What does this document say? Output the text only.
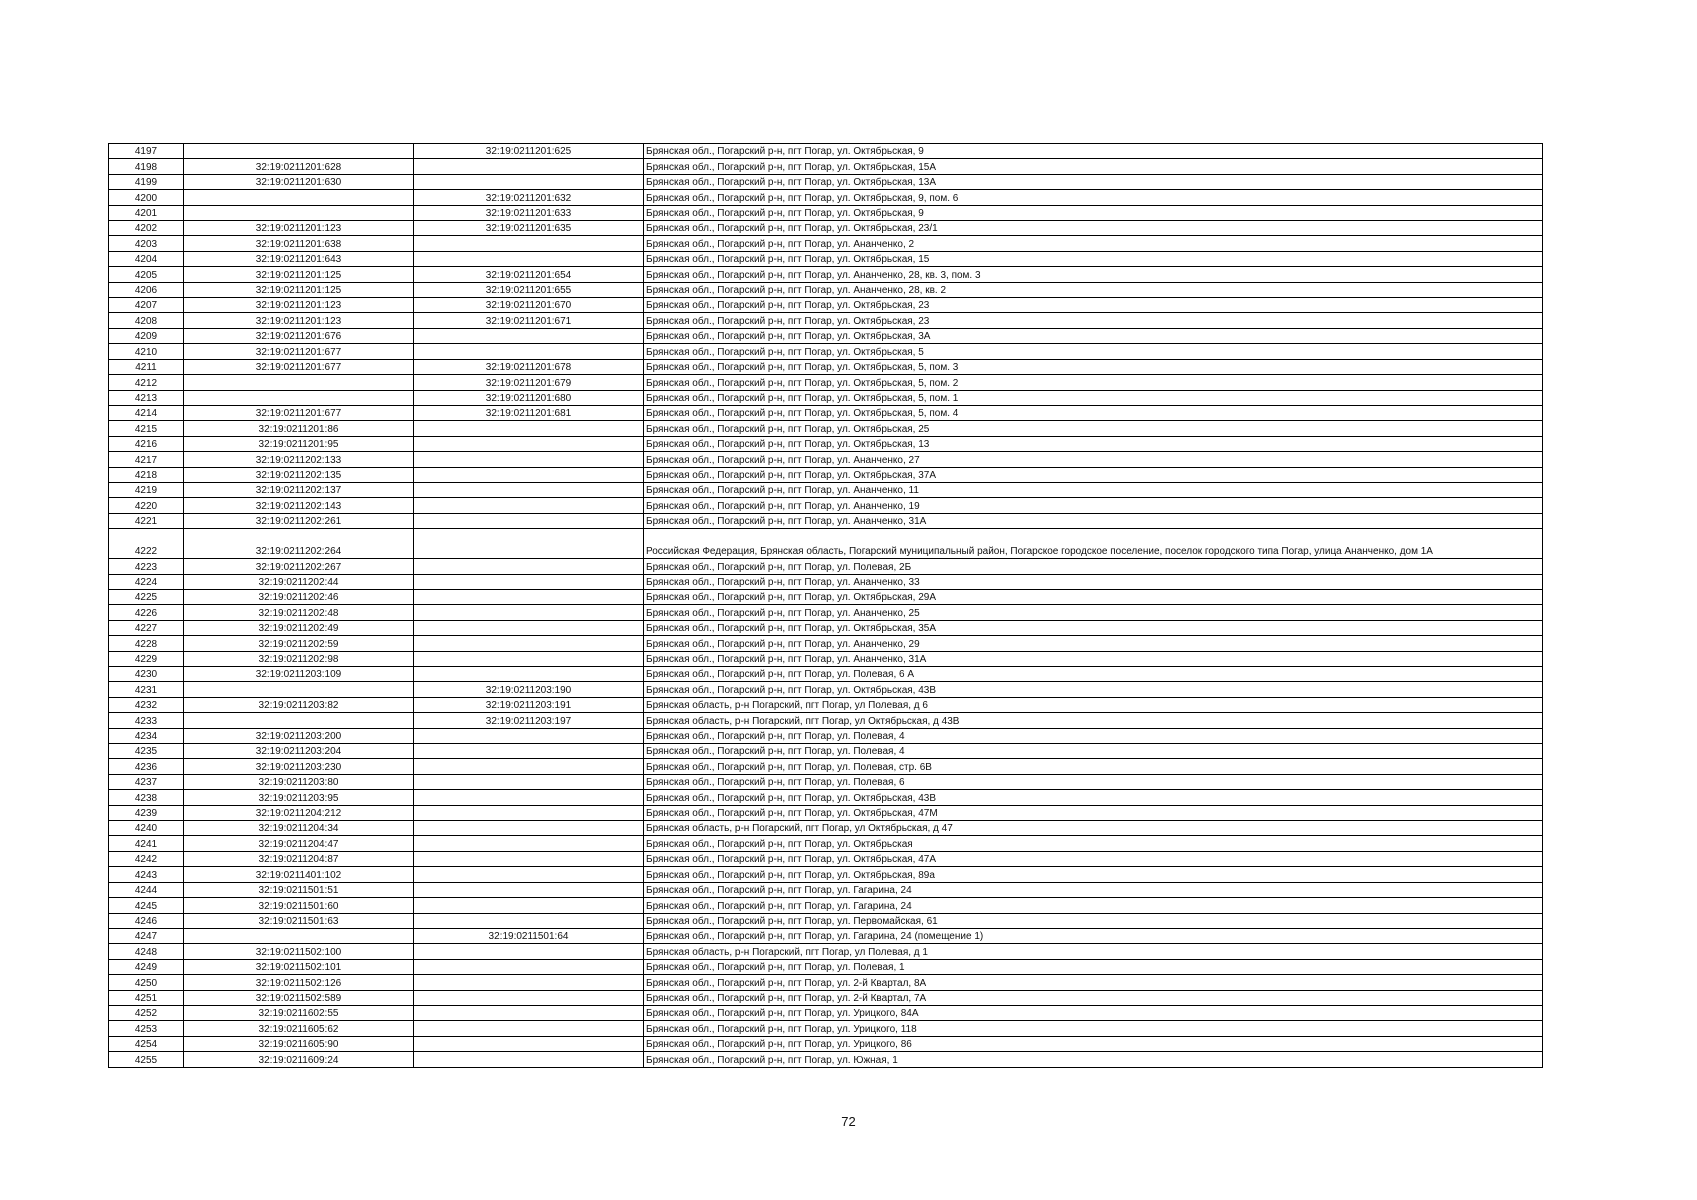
4197		32:19:0211201:625	Брянская обл., Погарский р-н, пгт Погар, ул. Октябрьская, 9
4198	32:19:0211201:628		Брянская обл., Погарский р-н, пгт Погар, ул. Октябрьская, 15А
4199	32:19:0211201:630		Брянская обл., Погарский р-н, пгт Погар, ул. Октябрьская, 13А
4200		32:19:0211201:632	Брянская обл., Погарский р-н, пгт Погар, ул. Октябрьская, 9, пом. 6
4201		32:19:0211201:633	Брянская обл., Погарский р-н, пгт Погар, ул. Октябрьская, 9
4202	32:19:0211201:123	32:19:0211201:635	Брянская обл., Погарский р-н, пгт Погар, ул. Октябрьская, 23/1
4203	32:19:0211201:638		Брянская обл., Погарский р-н, пгт Погар, ул. Ананченко, 2
4204	32:19:0211201:643		Брянская обл., Погарский р-н, пгт Погар, ул. Октябрьская, 15
4205	32:19:0211201:125	32:19:0211201:654	Брянская обл., Погарский р-н, пгт Погар, ул. Ананченко, 28, кв. 3, пом. 3
4206	32:19:0211201:125	32:19:0211201:655	Брянская обл., Погарский р-н, пгт Погар, ул. Ананченко, 28, кв. 2
4207	32:19:0211201:123	32:19:0211201:670	Брянская обл., Погарский р-н, пгт Погар, ул. Октябрьская, 23
4208	32:19:0211201:123	32:19:0211201:671	Брянская обл., Погарский р-н, пгт Погар, ул. Октябрьская, 23
4209	32:19:0211201:676		Брянская обл., Погарский р-н, пгт Погар, ул. Октябрьская, 3А
4210	32:19:0211201:677		Брянская обл., Погарский р-н, пгт Погар, ул. Октябрьская, 5
4211	32:19:0211201:677	32:19:0211201:678	Брянская обл., Погарский р-н, пгт Погар, ул. Октябрьская, 5, пом. 3
4212		32:19:0211201:679	Брянская обл., Погарский р-н, пгт Погар, ул. Октябрьская, 5, пом. 2
4213		32:19:0211201:680	Брянская обл., Погарский р-н, пгт Погар, ул. Октябрьская, 5, пом. 1
4214	32:19:0211201:677	32:19:0211201:681	Брянская обл., Погарский р-н, пгт Погар, ул. Октябрьская, 5, пом. 4
4215	32:19:0211201:86		Брянская обл., Погарский р-н, пгт Погар, ул. Октябрьская, 25
4216	32:19:0211201:95		Брянская обл., Погарский р-н, пгт Погар, ул. Октябрьская, 13
4217	32:19:0211202:133		Брянская обл., Погарский р-н, пгт Погар, ул. Ананченко, 27
4218	32:19:0211202:135		Брянская обл., Погарский р-н, пгт Погар, ул. Октябрьская, 37А
4219	32:19:0211202:137		Брянская обл., Погарский р-н, пгт Погар, ул. Ананченко, 11
4220	32:19:0211202:143		Брянская обл., Погарский р-н, пгт Погар, ул. Ананченко, 19
4221	32:19:0211202:261		Брянская обл., Погарский р-н, пгт Погар, ул. Ананченко, 31А
4222	32:19:0211202:264		Российская Федерация, Брянская область, Погарский муниципальный район, Погарское городское поселение, поселок городского типа Погар, улица Ананченко, дом 1А
4223	32:19:0211202:267		Брянская обл., Погарский р-н, пгт Погар, ул. Полевая, 2Б
4224	32:19:0211202:44		Брянская обл., Погарский р-н, пгт Погар, ул. Ананченко, 33
4225	32:19:0211202:46		Брянская обл., Погарский р-н, пгт Погар, ул. Октябрьская, 29А
4226	32:19:0211202:48		Брянская обл., Погарский р-н, пгт Погар, ул. Ананченко, 25
4227	32:19:0211202:49		Брянская обл., Погарский р-н, пгт Погар, ул. Октябрьская, 35А
4228	32:19:0211202:59		Брянская обл., Погарский р-н, пгт Погар, ул. Ананченко, 29
4229	32:19:0211202:98		Брянская обл., Погарский р-н, пгт Погар, ул. Ананченко, 31А
4230	32:19:0211203:109		Брянская обл., Погарский р-н, пгт Погар, ул. Полевая, 6 А
4231		32:19:0211203:190	Брянская обл., Погарский р-н, пгт Погар, ул. Октябрьская, 43В
4232	32:19:0211203:82	32:19:0211203:191	Брянская область, р-н Погарский, пгт Погар, ул Полевая, д 6
4233		32:19:0211203:197	Брянская область, р-н Погарский, пгт Погар, ул Октябрьская, д 43В
4234	32:19:0211203:200		Брянская обл., Погарский р-н, пгт Погар, ул. Полевая, 4
4235	32:19:0211203:204		Брянская обл., Погарский р-н, пгт Погар, ул. Полевая, 4
4236	32:19:0211203:230		Брянская обл., Погарский р-н, пгт Погар, ул. Полевая, стр. 6В
4237	32:19:0211203:80		Брянская обл., Погарский р-н, пгт Погар, ул. Полевая, 6
4238	32:19:0211203:95		Брянская обл., Погарский р-н, пгт Погар, ул. Октябрьская, 43В
4239	32:19:0211204:212		Брянская обл., Погарский р-н, пгт Погар, ул. Октябрьская, 47М
4240	32:19:0211204:34		Брянская область, р-н Погарский, пгт Погар, ул Октябрьская, д 47
4241	32:19:0211204:47		Брянская обл., Погарский р-н, пгт Погар, ул. Октябрьская
4242	32:19:0211204:87		Брянская обл., Погарский р-н, пгт Погар, ул. Октябрьская, 47А
4243	32:19:0211401:102		Брянская обл., Погарский р-н, пгт Погар, ул. Октябрьская, 89а
4244	32:19:0211501:51		Брянская обл., Погарский р-н, пгт Погар, ул. Гагарина, 24
4245	32:19:0211501:60		Брянская обл., Погарский р-н, пгт Погар, ул. Гагарина, 24
4246	32:19:0211501:63		Брянская обл., Погарский р-н, пгт Погар, ул. Первомайская, 61
4247		32:19:0211501:64	Брянская обл., Погарский р-н, пгт Погар, ул. Гагарина, 24 (помещение 1)
4248	32:19:0211502:100		Брянская область, р-н Погарский, пгт Погар, ул Полевая, д 1
4249	32:19:0211502:101		Брянская обл., Погарский р-н, пгт Погар, ул. Полевая, 1
4250	32:19:0211502:126		Брянская обл., Погарский р-н, пгт Погар, ул. 2-й Квартал, 8А
4251	32:19:0211502:589		Брянская обл., Погарский р-н, пгт Погар, ул. 2-й Квартал, 7А
4252	32:19:0211602:55		Брянская обл., Погарский р-н, пгт Погар, ул. Урицкого, 84А
4253	32:19:0211605:62		Брянская обл., Погарский р-н, пгт Погар, ул. Урицкого, 118
4254	32:19:0211605:90		Брянская обл., Погарский р-н, пгт Погар, ул. Урицкого, 86
4255	32:19:0211609:24		Брянская обл., Погарский р-н, пгт Погар, ул. Южная, 1
72
